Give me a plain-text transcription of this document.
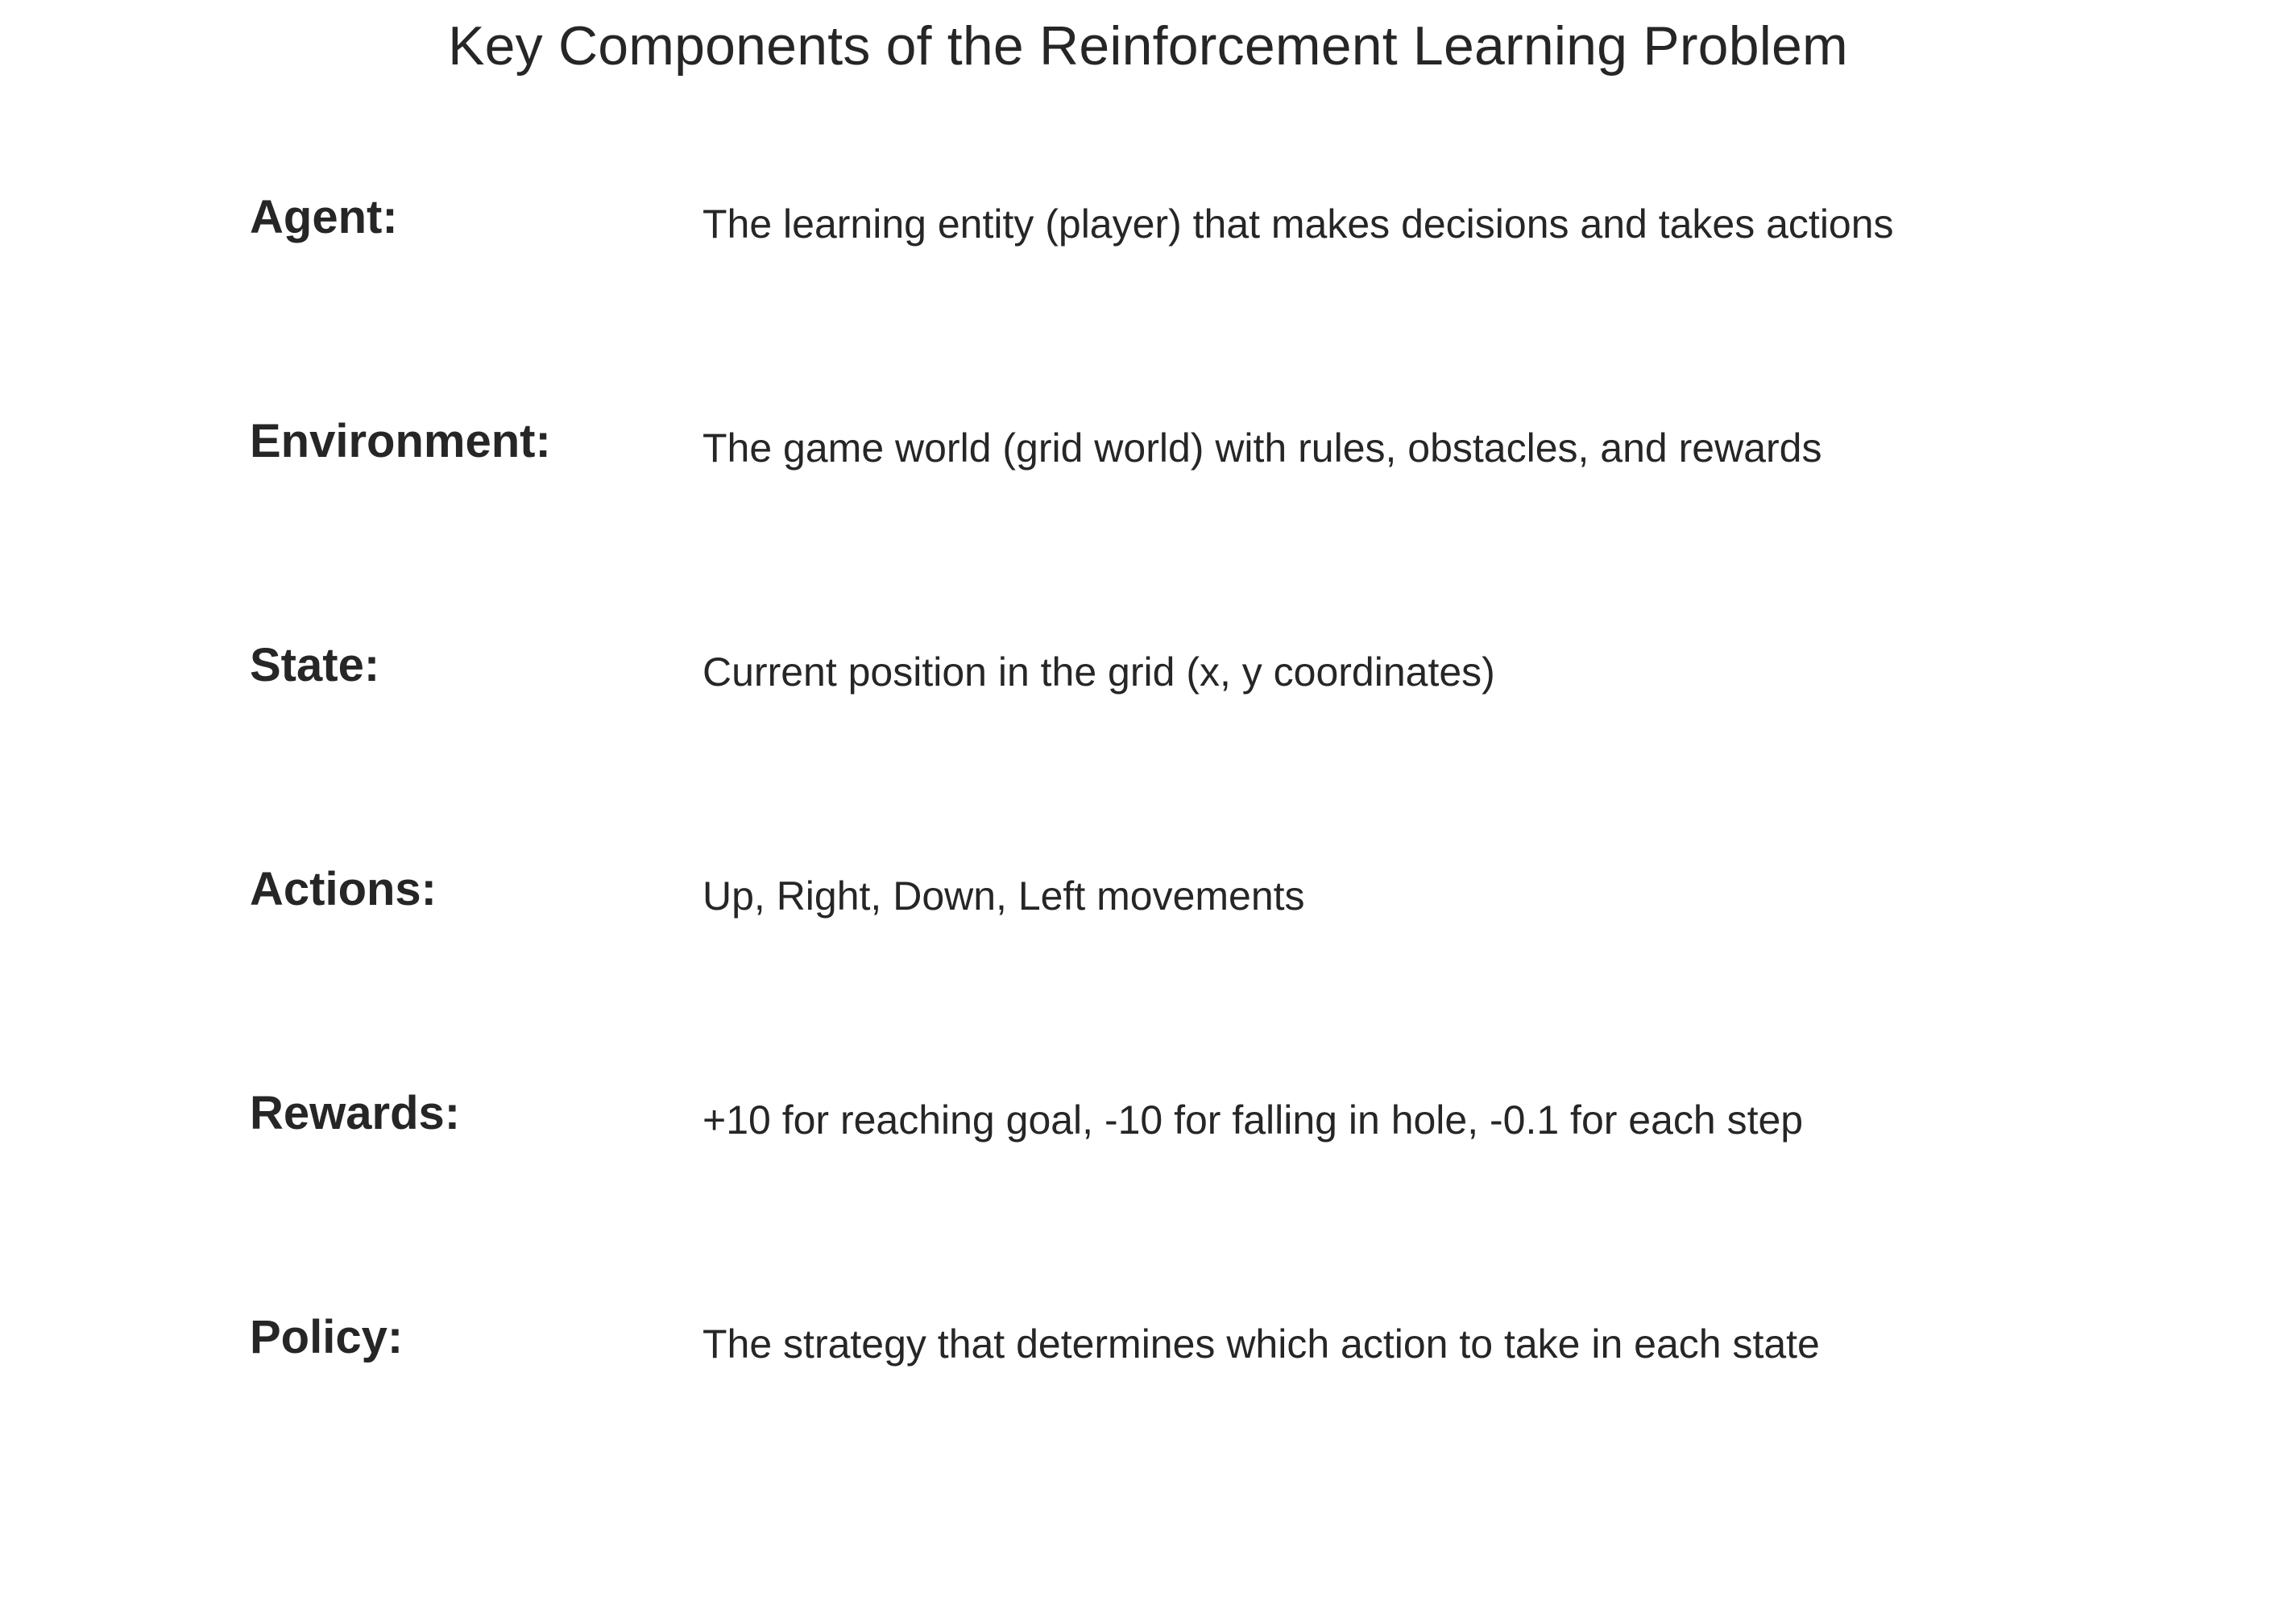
Key Components of the Reinforcement Learning Problem
Agent:	The learning entity (player) that makes decisions and takes actions
Environment:	The game world (grid world) with rules, obstacles, and rewards
State:	Current position in the grid (x, y coordinates)
Actions:	Up, Right, Down, Left movements
Rewards:	+10 for reaching goal, -10 for falling in hole, -0.1 for each step
Policy:	The strategy that determines which action to take in each state
